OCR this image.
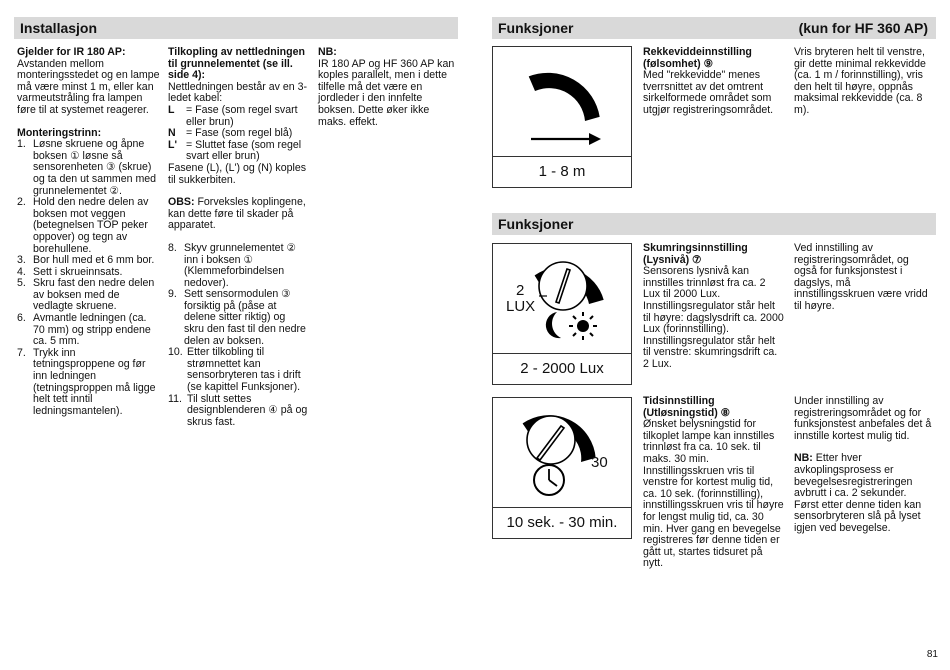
Installasjon

Gjelder for IR 180 AP:
Avstanden mellom monteringsstedet og en lampe må være minst 1 m, eller kan varmeutstråling fra lampen føre til at systemet reagerer.

Monteringstrinn:
1. Løsne skruene og åpne boksen ① løsne så sensorenheten ③ (skrue) og ta den ut sammen med grunnelementet ②.
2. Hold den nedre delen av boksen mot veggen (betegnelsen TOP peker oppover) og tegn av borehullene.
3. Bor hull med et 6 mm bor.
4. Sett i skrueinnsats.
5. Skru fast den nedre delen av boksen med de vedlagte skruene.
6. Avmantle ledningen (ca. 70 mm) og stripp endene ca. 5 mm.
7. Trykk inn tetningsproppene og før inn ledningen (tetningsproppen må ligge helt tett inntil ledningsmantelen).
Tilkopling av nettledningen til grunnelementet (se ill. side 4):
Nettledningen består av en 3-ledet kabel:
L	= Fase (som regel svart eller brun)
N = Fase (som regel blå)
L' = Sluttet fase (som regel svart eller brun)

Fasene (L), (L') og (N) koples til sukkerbiten.

OBS: Forveksles koplingene, kan dette føre til skader på apparatet.

8. Skyv grunnelementet ② inn i boksen ① (Klemmeforbindelsen nedover).
9. Sett sensormodulen ③ forsiktig på (påse at delene sitter riktig) og skru den fast til den nedre delen av boksen.
10. Etter tilkobling til strømnettet kan sensorbryteren tas i drift (se kapittel Funksjoner).
11. Til slutt settes designblenderen ④ på og skrus fast.
NB:
IR 180 AP og HF 360 AP kan koples parallelt, men i dette tilfelle må det være en jordleder i den innfelte boksen. Dette øker ikke maks. effekt.
Funksjoner	(kun for HF 360 AP)
Funksjoner
1 - 8 m
2
LUX
2 - 2000 Lux
30
10 sek. - 30 min.
Rekkeviddeinnstilling (følsomhet) ⑨
Med "rekkevidde" menes tverrsnittet av det omtrent sirkelformede området som utgjør registreringsområdet.
Vris bryteren helt til venstre, gir dette minimal rekkevidde (ca. 1 m / forinnstilling), vris den helt til høyre, oppnås maksimal rekkevidde (ca. 8 m).
Skumringsinnstilling (Lysnivå) ⑦
Sensorens lysnivå kan innstilles trinnløst fra ca. 2 Lux til 2000 Lux. Innstillingsregulator står helt til høyre: dagslysdrift ca. 2000 Lux (forinnstilling). Innstillingsregulator står helt til venstre: skumringsdrift ca. 2 Lux.
Ved innstilling av registreringsområdet, og også for funksjonstest i dagslys, må innstillingsskruen være vridd til høyre.
Tidsinnstilling (Utløsningstid) ⑧
Ønsket belysningstid for tilkoplet lampe kan innstilles trinnløst fra ca. 10 sek. til maks. 30 min. Innstillingsskruen vris til venstre for kortest mulig tid, ca. 10 sek. (forinnstilling), innstillingsskruen vris til høyre for lengst mulig tid, ca. 30 min. Hver gang en bevegelse registreres før denne tiden er gått ut, startes tidsuret på nytt.

Under innstilling av registreringsområdet og for funksjonstest anbefales det å innstille kortest mulig tid.

NB: Etter hver avkoplingsprosess er bevegelsesregistreringen avbrutt i ca. 2 sekunder. Først etter denne tiden kan sensorbryteren slå på lyset igjen ved bevegelse.

81
